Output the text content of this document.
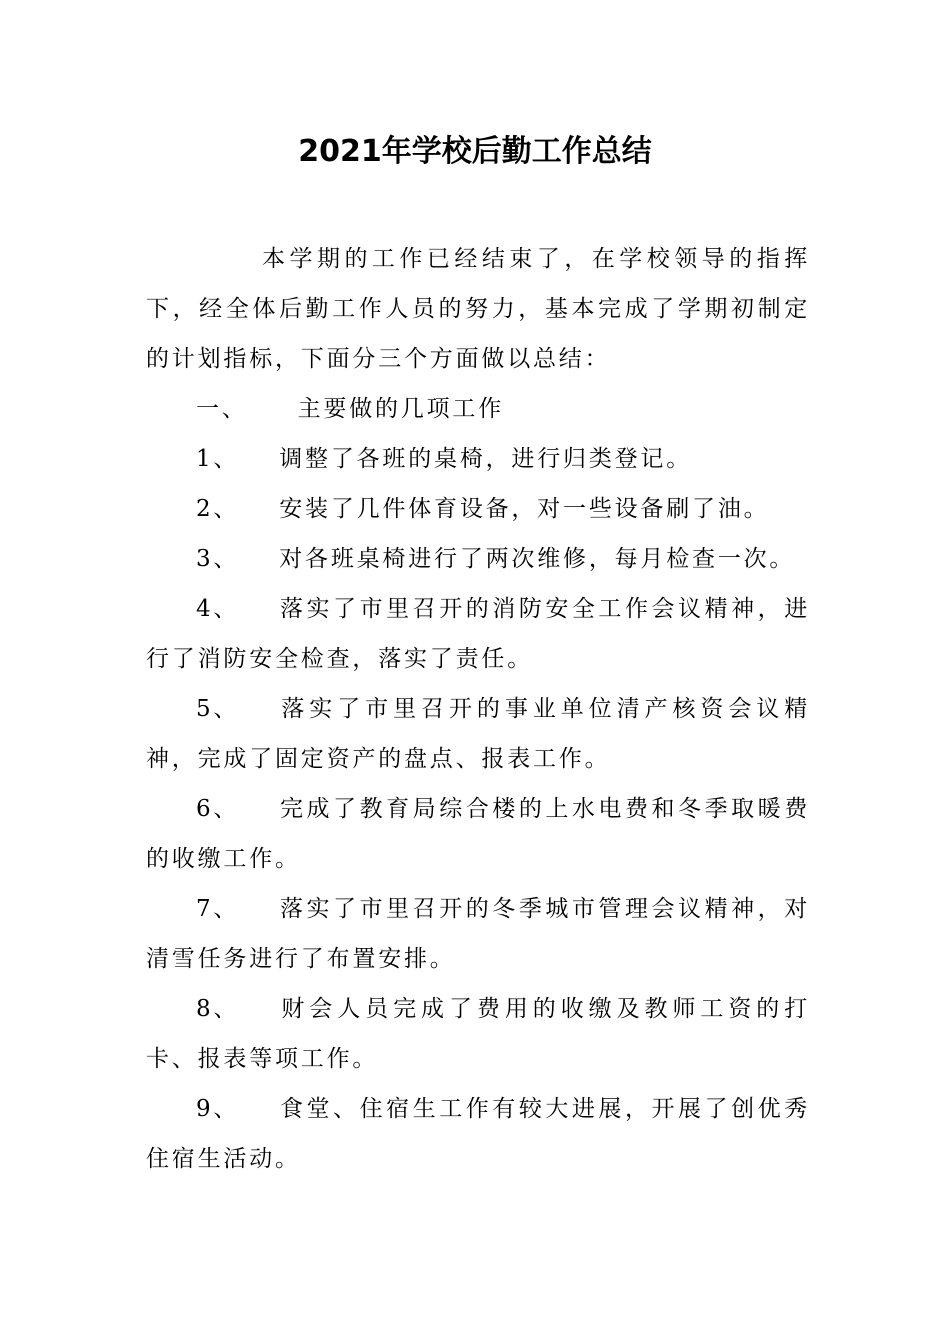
2021年学校后勤工作总结

本学期的工作已经结束了，在学校领导的指挥下，经全体后勤工作人员的努力，基本完成了学期初制定的计划指标，下面分三个方面做以总结：

一、 主要做的几项工作

1、 调整了各班的桌椅，进行归类登记。

2、 安装了几件体育设备，对一些设备刷了油。

3、 对各班桌椅进行了两次维修，每月检查一次。

4、 落实了市里召开的消防安全工作会议精神，进行了消防安全检查，落实了责任。

5、 落实了市里召开的事业单位清产核资会议精神，完成了固定资产的盘点、报表工作。

6、 完成了教育局综合楼的上水电费和冬季取暖费的收缴工作。

7、 落实了市里召开的冬季城市管理会议精神，对清雪任务进行了布置安排。

8、 财会人员完成了费用的收缴及教师工资的打卡、报表等项工作。

9、 食堂、住宿生工作有较大进展，开展了创优秀住宿生活动。
